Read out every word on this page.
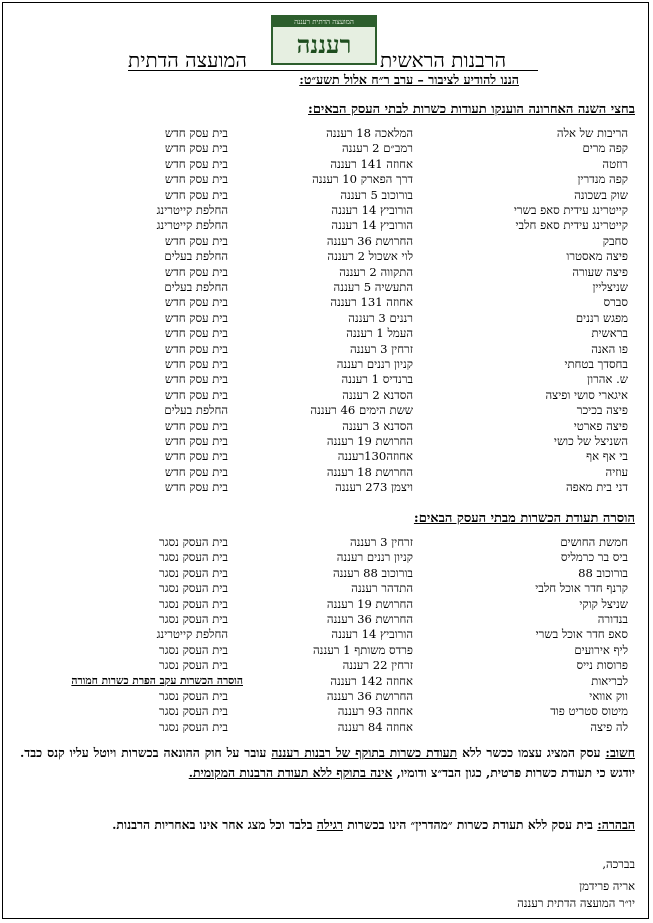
המועצה הדתית רעננה
רעננה
המועצה הדתית	הרבנות הראשית
הננו להודיע לציבור – ערב ר״ח אלול תשע״ט:
בחצי השנה האחרונה הוענקו תעודות כשרות לבתי העסק הבאים:
הריבות של אלה
המלאכה 18 רעננה
בית עסק חדש
קפה מרים
רמב״ם 2 רעננה
בית עסק חדש
רוזטה
אחוזה 141 רעננה
בית עסק חדש
קפה מנדרין
דרך הפארק 10 רעננה
בית עסק חדש
שוק בשכונה
בורוכוב 5 רעננה
בית עסק חדש
קייטרינג עידית סאפ בשרי
הורוביץ 14 רעננה
החלפת קייטרינג
קייטרינג עידית סאפ חלבי
הורוביץ 14 רעננה
החלפת קייטרינג
סחבק
החרושת 36 רעננה
בית עסק חדש
פיצה מאסטרו
לוי אשכול 2 רעננה
החלפת בעלים
פיצה שעורה
התקווה 2 רעננה
בית עסק חדש
שניצליין
התעשיה 5 רעננה
החלפת בעלים
סברס
אחוזה 131 רעננה
בית עסק חדש
מפגש רננים
רננים 3 רעננה
בית עסק חדש
בראשית
העמל 1 רעננה
בית עסק חדש
פו האנה
זרחין 3 רעננה
בית עסק חדש
בחסדך בטחתי
קניון רננים רעננה
בית עסק חדש
ש. אהרון
ברנדיס 1 רעננה
בית עסק חדש
איגארי סושי ופיצה
הסדנא 2 רעננה
בית עסק חדש
פיצה בכיכר
ששת הימים 46 רעננה
החלפת בעלים
פיצה פארטי
הסדנא 3 רעננה
בית עסק חדש
השניצל של כושי
החרושת 19 רעננה
בית עסק חדש
בי אף אף
אחוזה130רעננה
בית עסק חדש
עוזיה
החרושת 18 רעננה
בית עסק חדש
דני בית מאפה
ויצמן 273 רעננה
בית עסק חדש
הוסרה תעודת הכשרות מבתי העסק הבאים:
חמשת החושים
זרחין 3 רעננה
בית העסק נסגר
ביס בר כרמליס
קניון רננים רעננה
בית העסק נסגר
בורוכוב 88
בורוכוב 88 רעננה
בית העסק נסגר
קרנף חדר אוכל חלבי
התדהר רעננה
בית העסק נסגר
שניצל קוקי
החרושת 19 רעננה
בית העסק נסגר
בנדורה
החרושת 36 רעננה
בית העסק נסגר
סאפ חדר אוכל בשרי
הורוביץ 14 רעננה
החלפת קייטרינג
ליף אירועים
פרדס משותף 1 רעננה
בית העסק נסגר
פרוסות נייס
זרחין 22 רעננה
בית העסק נסגר
לבריאות
אחוזה 142 רעננה
הוסרה הכשרות עקב הפרת כשרות חמורה
ווק אוואי
החרושת 36 רעננה
בית העסק נסגר
מיטוס סטריט פוד
אחוזה 93 רעננה
בית העסק נסגר
לה פיצה
אחוזה 84 רעננה
בית העסק נסגר
חשוב: עסק המציג עצמו ככשר ללא תעודת כשרות בתוקף של רבנות רעננה עובר על חוק ההונאה בכשרות ויוטל עליו קנס כבד. יודגש כי תעודת כשרות פרטית, כגון הבד״צ ודומיו, אינה בתוקף ללא תעודת הרבנות המקומית.
הבהרה: בית עסק ללא תעודת כשרות ״מהדרין״ הינו בכשרות רגילה בלבד וכל מצג אחר אינו באחריות הרבנות.
בברכה,
אריה פרידמן
יו״ר המועצה הדתית רעננה
